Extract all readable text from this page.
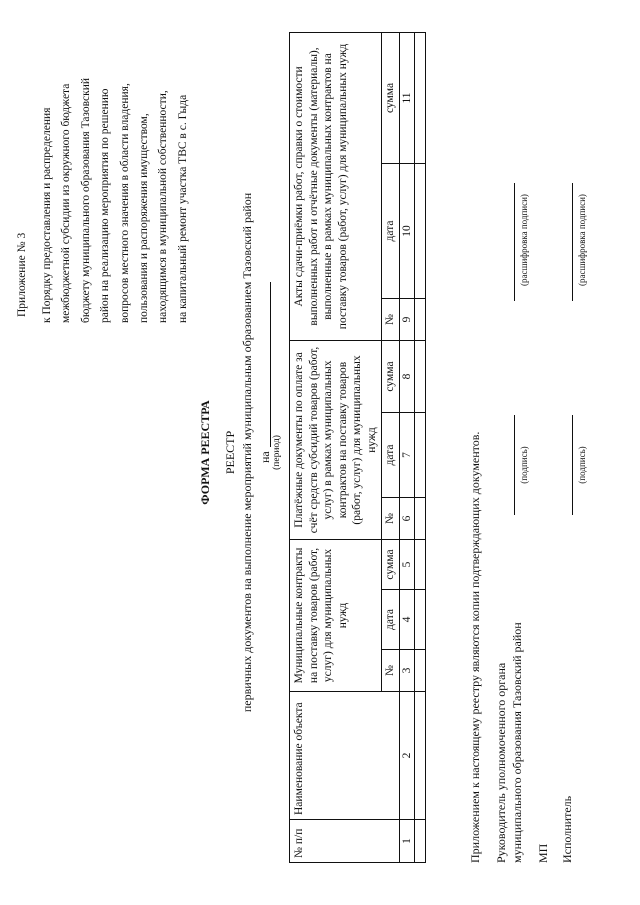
Приложение № 3 к Порядку предоставления и распределения межбюджетной субсидии из окружного бюджета бюджету муниципального образования Тазовский район на реализацию мероприятия по решению вопросов местного значения в области владения, пользования и распоряжения имуществом, находящимся в муниципальной собственности, на капитальный ремонт участка ТВС в с. Гыда
ФОРМА РЕЕСТРА РЕЕСТР первичных документов на выполнение мероприятий муниципальным образованием Тазовский район на (период)
№ п/п	Наименование объекта	Муниципальные контракты на поставку товаров (работ, услуг) для муниципальных нужд			Платёжные документы по оплате за счёт средств субсидий товаров (работ, услуг) в рамках муниципальных контрактов на поставку товаров (работ, услуг) для муниципальных нужд			Акты сдачи-приёмки работ, справки о стоимости выполненных работ и отчётные документы (материалы), выполненные в рамках муниципальных контрактов на поставку товаров (работ, услуг) для муниципальных нужд		
		№	дата	сумма	№	дата	сумма	№	дата	сумма
1	2	3	4	5	6	7	8	9	10	11

Приложением к настоящему реестру являются копии подтверждающих документов. Руководитель уполномоченного органа муниципального образования Тазовский район МП Исполнитель
(подпись)
(расшифровка подписи)
(подпись)
(расшифровка подписи)
